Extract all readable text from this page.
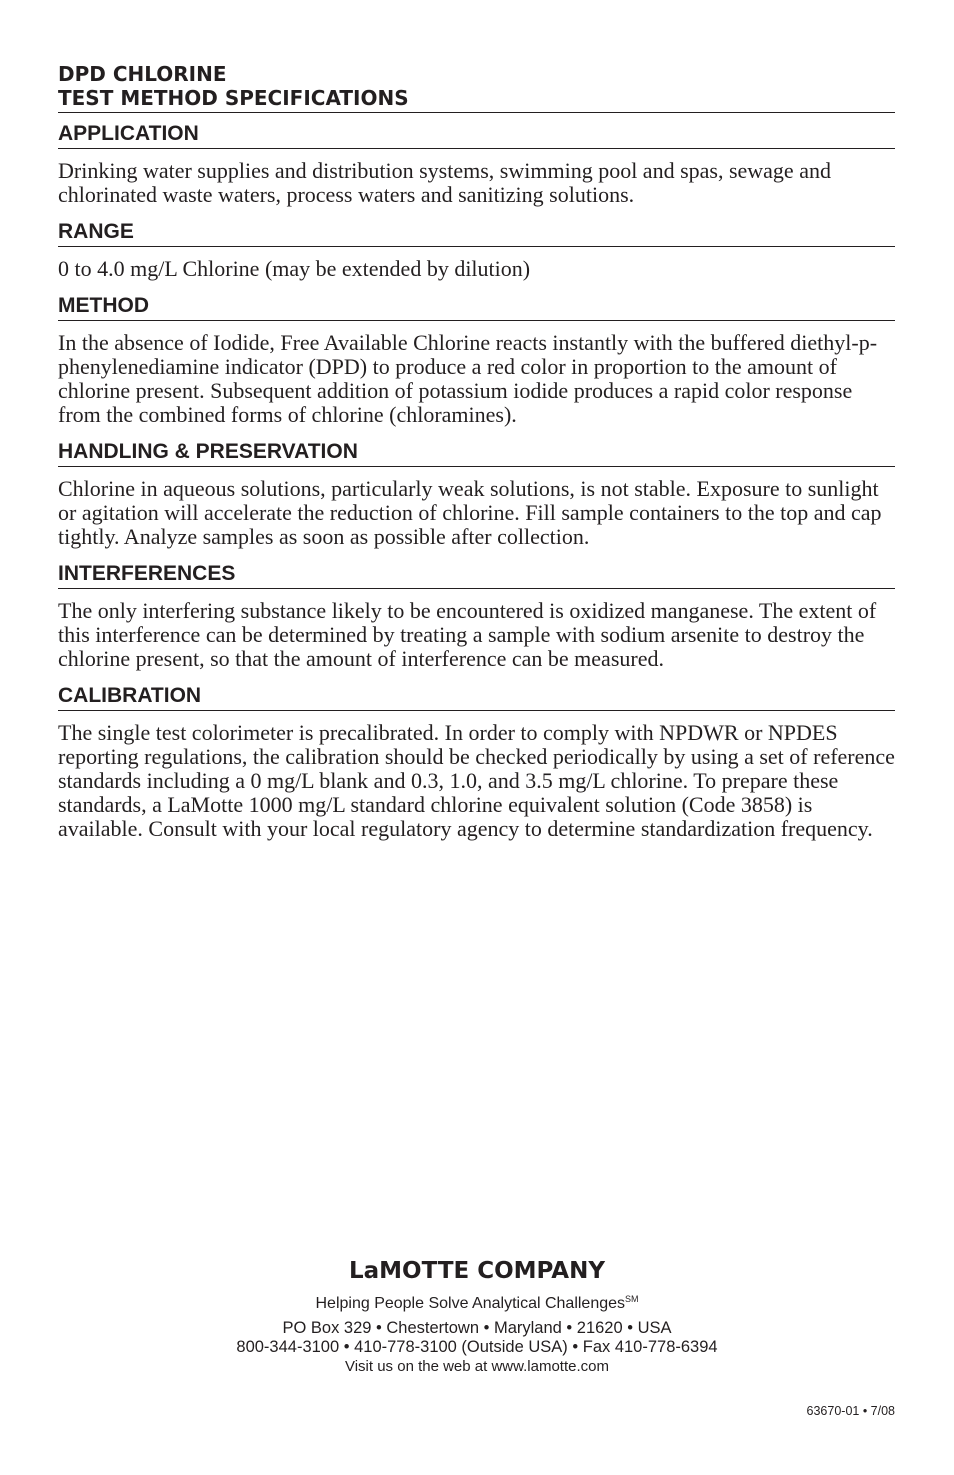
DPD CHLORINE
TEST METHOD SPECIFICATIONS
APPLICATION

Drinking water supplies and distribution systems, swimming pool and spas, sewage and chlorinated waste waters, process waters and sanitizing solutions.

RANGE

0 to 4.0 mg/L Chlorine (may be extended by dilution)

METHOD

In the absence of Iodide, Free Available Chlorine reacts instantly with the buffered diethyl-p-phenylenediamine indicator (DPD) to produce a red color in proportion to the amount of chlorine present. Subsequent addition of potassium iodide produces a rapid color response from the combined forms of chlorine (chloramines).

HANDLING & PRESERVATION

Chlorine in aqueous solutions, particularly weak solutions, is not stable. Exposure to sunlight or agitation will accelerate the reduction of chlorine. Fill sample containers to the top and cap tightly. Analyze samples as soon as possible after collection.

INTERFERENCES

The only interfering substance likely to be encountered is oxidized manganese. The extent of this interference can be determined by treating a sample with sodium arsenite to destroy the chlorine present, so that the amount of interference can be measured.

CALIBRATION

The single test colorimeter is precalibrated. In order to comply with NPDWR or NPDES reporting regulations, the calibration should be checked periodically by using a set of reference standards including a 0 mg/L blank and 0.3, 1.0, and 3.5 mg/L chlorine. To prepare these standards, a LaMotte 1000 mg/L standard chlorine equivalent solution (Code 3858) is available. Consult with your local regulatory agency to determine standardization frequency.

LaMOTTE COMPANY

Helping People Solve Analytical Challenges℠

PO Box 329 • Chestertown • Maryland • 21620 • USA

800-344-3100 • 410-778-3100 (Outside USA) • Fax 410-778-6394

Visit us on the web at www.lamotte.com

63670-01 • 7/08
